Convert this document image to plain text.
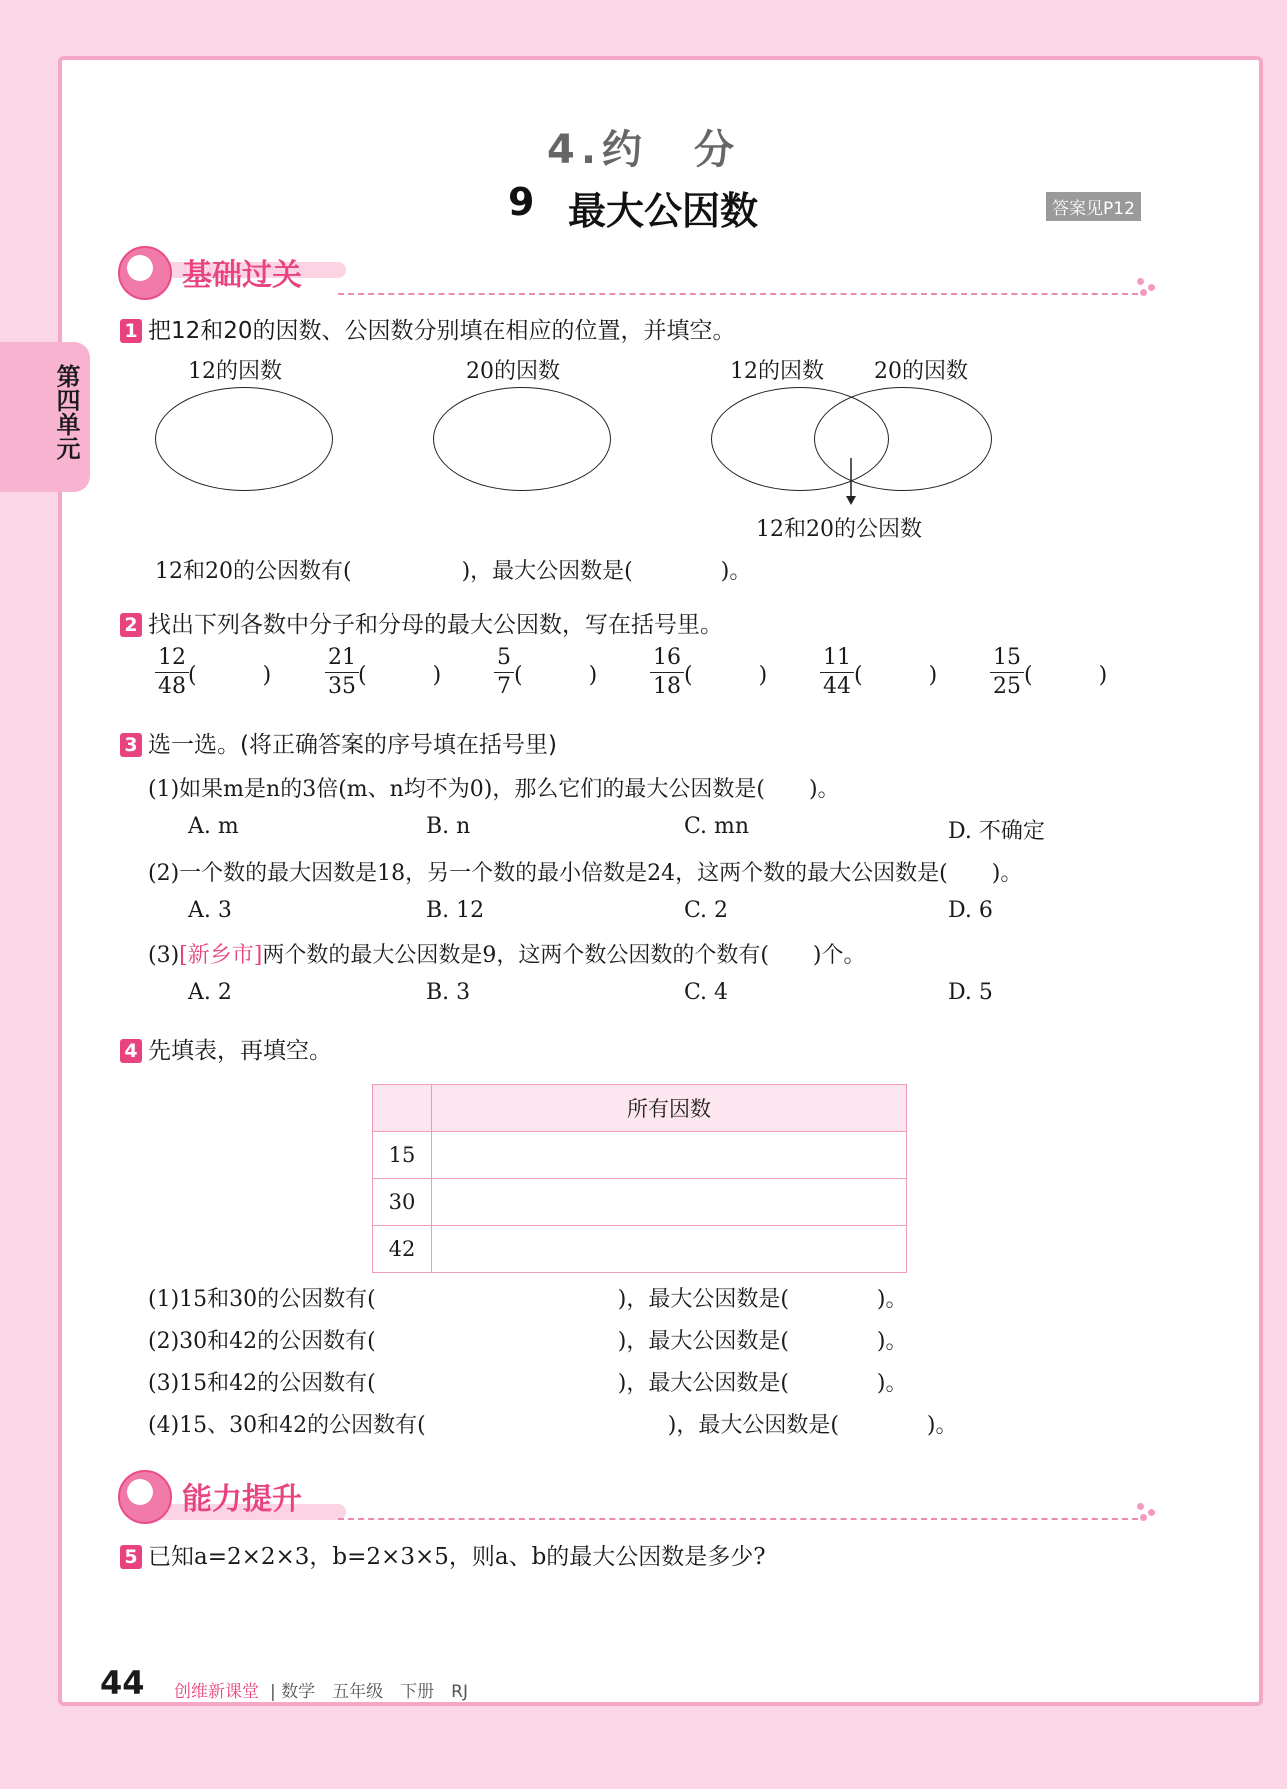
第四单元
4.约　分
9 最大公因数	答案见P12
基础过关
1 把12和20的因数、公因数分别填在相应的位置，并填空。
12的因数	20的因数	12的因数 20的因数
12和20的公因数
12和20的公因数有(　　　　　)，最大公因数是(　　　　)。
2 找出下列各数中分子和分母的最大公因数，写在括号里。
12
48 (　　　)
21
35 (　　　)
5
7 (　　　)
16
18 (　　　)
11
44 (　　　)
15
25 (　　　)
3 选一选。(将正确答案的序号填在括号里)
(1)如果m是n的3倍(m、n均不为0)，那么它们的最大公因数是(　　)。
A. m	B. n	C. mn	D. 不确定
(2)一个数的最大因数是18，另一个数的最小倍数是24，这两个数的最大公因数是(　　)。
A. 3	B. 12	C. 2	D. 6
(3)[新乡市]两个数的最大公因数是9，这两个数公因数的个数有(　　)个。
A. 2	B. 3	C. 4	D. 5
4 先填表，再填空。
	所有因数
15	
30	
42	
(1)15和30的公因数有(　　　　　　　　　　　)，最大公因数是(　　　　)。
(2)30和42的公因数有(　　　　　　　　　　　)，最大公因数是(　　　　)。
(3)15和42的公因数有(　　　　　　　　　　　)，最大公因数是(　　　　)。
(4)15、30和42的公因数有(　　　　　　　　　　　)，最大公因数是(　　　　)。
能力提升
5 已知a=2×2×3，b=2×3×5，则a、b的最大公因数是多少?
44 创维新课堂 | 数学　五年级　下册　RJ
